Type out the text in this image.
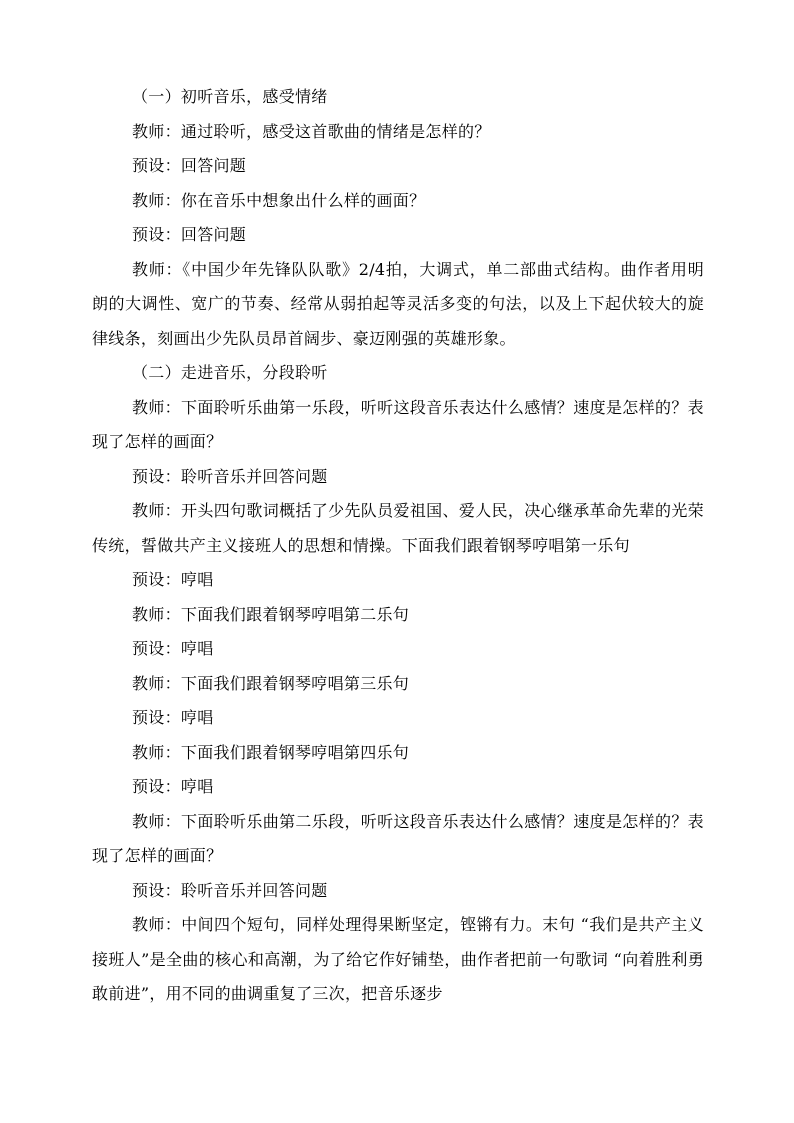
（一）初听音乐，感受情绪

教师：通过聆听，感受这首歌曲的情绪是怎样的？

预设：回答问题

教师：你在音乐中想象出什么样的画面？

预设：回答问题

教师：《中国少年先锋队队歌》2/4拍，大调式，单二部曲式结构。曲作者用明朗的大调性、宽广的节奏、经常从弱拍起等灵活多变的句法，以及上下起伏较大的旋律线条，刻画出少先队员昂首阔步、豪迈刚强的英雄形象。

（二）走进音乐，分段聆听

教师：下面聆听乐曲第一乐段，听听这段音乐表达什么感情？速度是怎样的？表现了怎样的画面？

预设：聆听音乐并回答问题

教师：开头四句歌词概括了少先队员爱祖国、爱人民，决心继承革命先辈的光荣传统，誓做共产主义接班人的思想和情操。下面我们跟着钢琴哼唱第一乐句

预设：哼唱

教师：下面我们跟着钢琴哼唱第二乐句

预设：哼唱

教师：下面我们跟着钢琴哼唱第三乐句

预设：哼唱

教师：下面我们跟着钢琴哼唱第四乐句

预设：哼唱

教师：下面聆听乐曲第二乐段，听听这段音乐表达什么感情？速度是怎样的？表现了怎样的画面？

预设：聆听音乐并回答问题

教师：中间四个短句，同样处理得果断坚定，铿锵有力。末句 “我们是共产主义接班人”是全曲的核心和高潮，为了给它作好铺垫，曲作者把前一句歌词 “向着胜利勇敢前进”，用不同的曲调重复了三次，把音乐逐步
